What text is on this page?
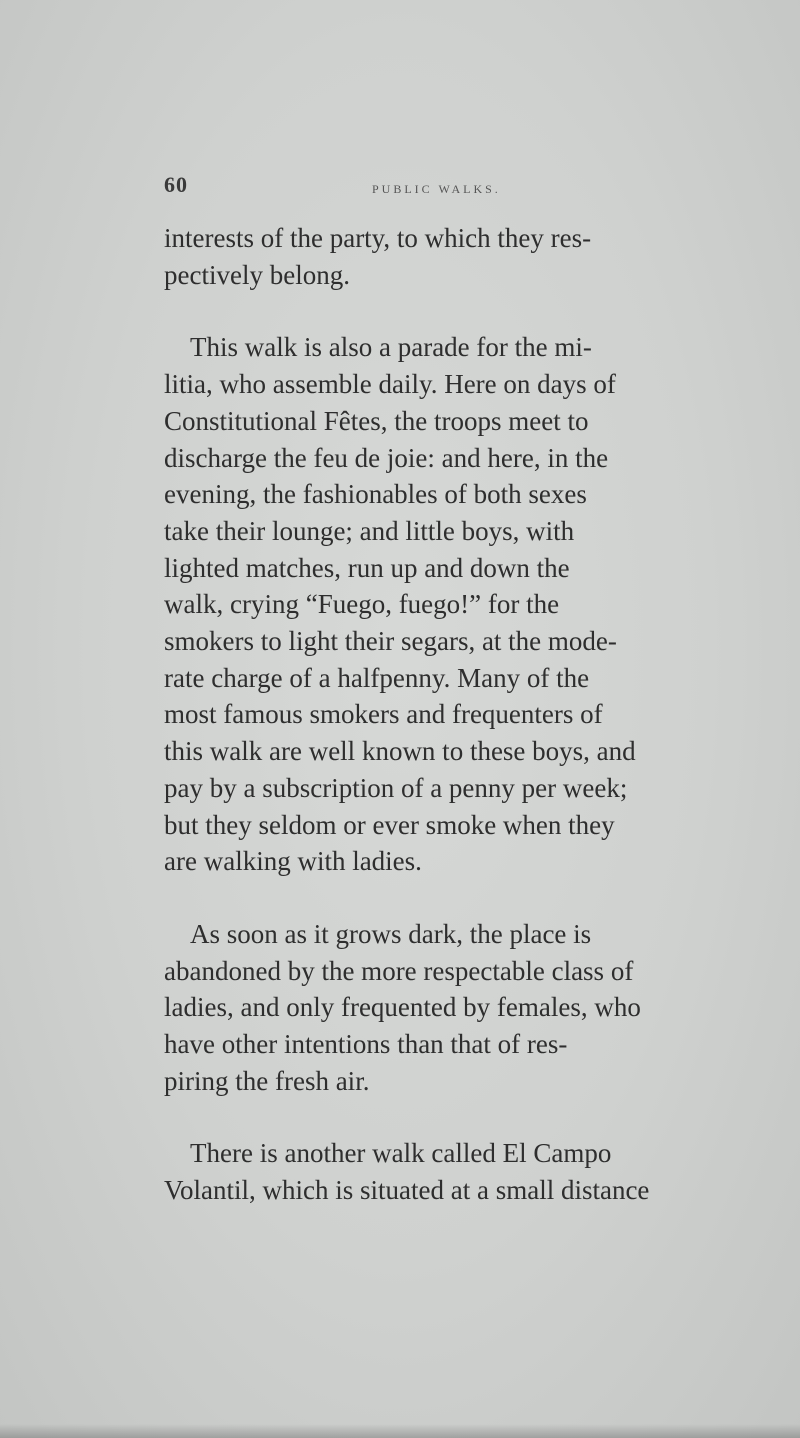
60	PUBLIC WALKS.

interests of the party, to which they res-
pectively belong.

This walk is also a parade for the mi-
litia, who assemble daily. Here on days of
Constitutional Fêtes, the troops meet to
discharge the feu de joie: and here, in the
evening, the fashionables of both sexes
take their lounge; and little boys, with
lighted matches, run up and down the
walk, crying “Fuego, fuego!” for the
smokers to light their segars, at the mode-
rate charge of a halfpenny. Many of the
most famous smokers and frequenters of
this walk are well known to these boys, and
pay by a subscription of a penny per week;
but they seldom or ever smoke when they
are walking with ladies.

As soon as it grows dark, the place is
abandoned by the more respectable class of
ladies, and only frequented by females, who
have other intentions than that of res-
piring the fresh air.

There is another walk called El Campo
Volantil, which is situated at a small distance
